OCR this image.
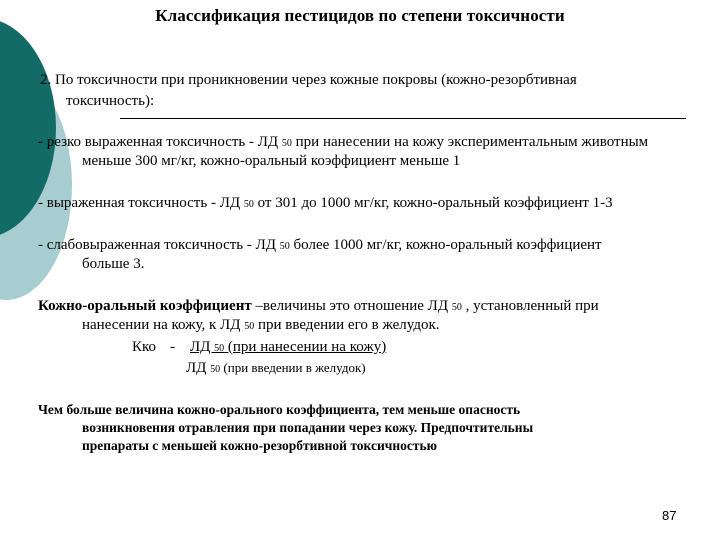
Классификация пестицидов по степени токсичности
2. По токсичности при проникновении через кожные покровы (кожно-резорбтивная
токсичность):
- резко выраженная токсичность - ЛД 50 при нанесении на кожу экспериментальным животным
меньше 300 мг/кг, кожно-оральный коэффициент меньше 1
- выраженная токсичность - ЛД 50 от 301 до 1000 мг/кг, кожно-оральный коэффициент 1-3
- слабовыраженная токсичность - ЛД 50 более 1000 мг/кг, кожно-оральный коэффициент
больше 3.
Кожно-оральный коэффициент –величины это отношение ЛД 50 , установленный при
нанесении на кожу, к ЛД 50 при введении его в желудок.
Кко - ЛД 50 (при нанесении на кожу)
ЛД 50 (при введении в желудок)
Чем больше величина кожно-орального коэффициента, тем меньше опасность
возникновения отравления при попадании через кожу. Предпочтительны
препараты с меньшей кожно-резорбтивной токсичностью
87
